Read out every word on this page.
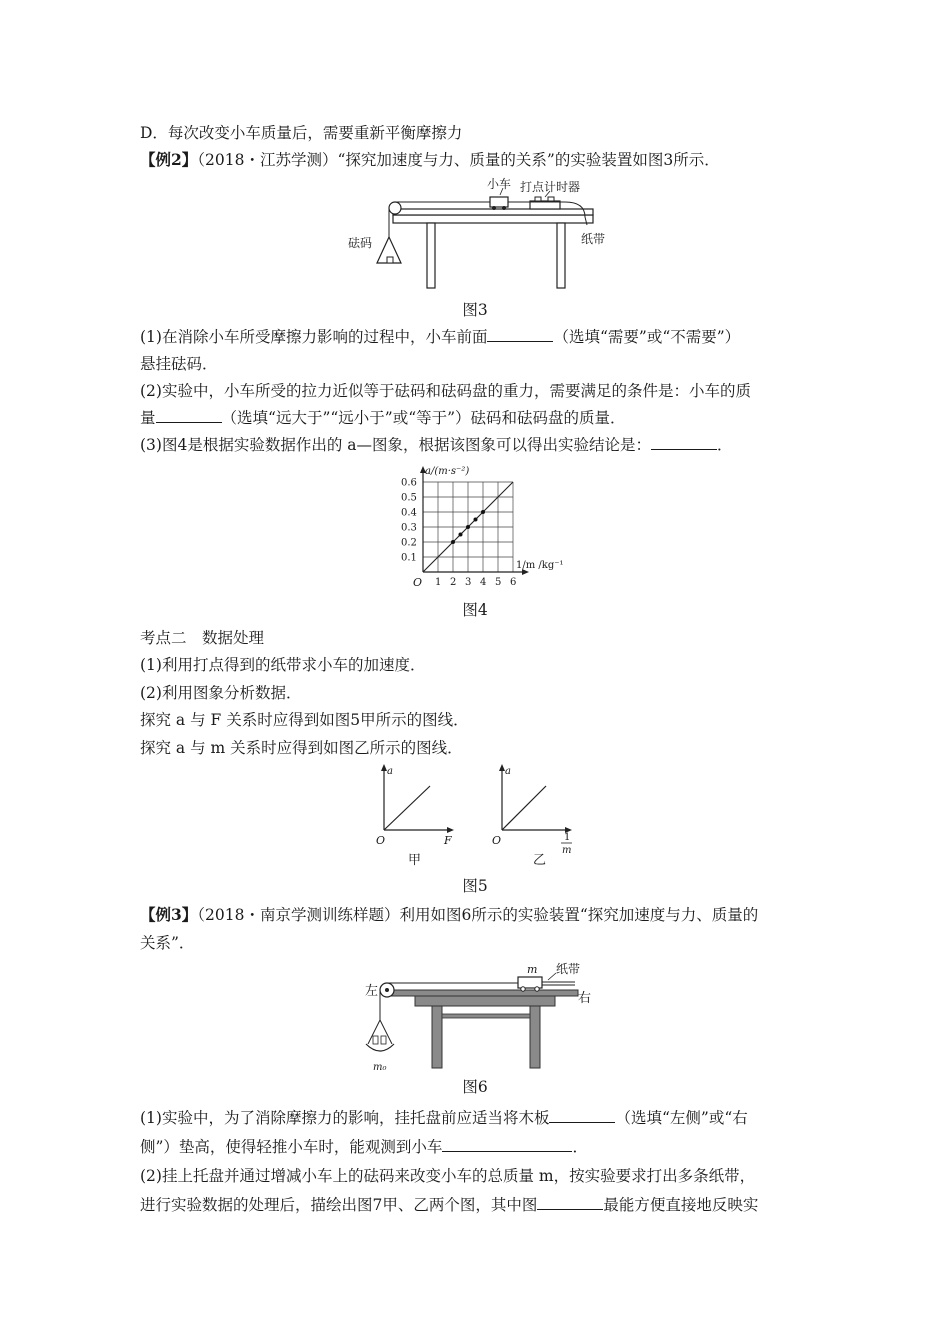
D．每次改变小车质量后，需要重新平衡摩擦力
【例2】（2018・江苏学测）“探究加速度与力、质量的关系”的实验装置如图3所示．
小车 打点计时器
砝码	纸带
图3
(1)在消除小车所受摩擦力影响的过程中，小车前面	（选填“需要”或“不需要”）
悬挂砝码．
(2)实验中，小车所受的拉力近似等于砝码和砝码盘的重力，需要满足的条件是：小车的质
量	（选填“远大于”“远小于”或“等于”）砝码和砝码盘的质量．
(3)图4是根据实验数据作出的 a—图象，根据该图象可以得出实验结论是：	．
1 2 3 4 5 6
0.1
0.2
0.3
0.4
0.5
0.6
a/(m·s⁻²)
1/m /kg⁻¹
O
图4
考点二　数据处理
(1)利用打点得到的纸带求小车的加速度．
(2)利用图象分析数据．
探究 a 与 F 关系时应得到如图5甲所示的图线．
探究 a 与 m 关系时应得到如图乙所示的图线．
a
O	F
甲
a
O	1
m
乙
图5
【例3】（2018・南京学测训练样题）利用如图6所示的实验装置“探究加速度与力、质量的
关系”．
m 纸带
左	右
m₀
图6
(1)实验中，为了消除摩擦力的影响，挂托盘前应适当将木板	（选填“左侧”或“右
侧”）垫高，使得轻推小车时，能观测到小车	．
(2)挂上托盘并通过增减小车上的砝码来改变小车的总质量 m，按实验要求打出多条纸带，
进行实验数据的处理后，描绘出图7甲、乙两个图，其中图	最能方便直接地反映实
